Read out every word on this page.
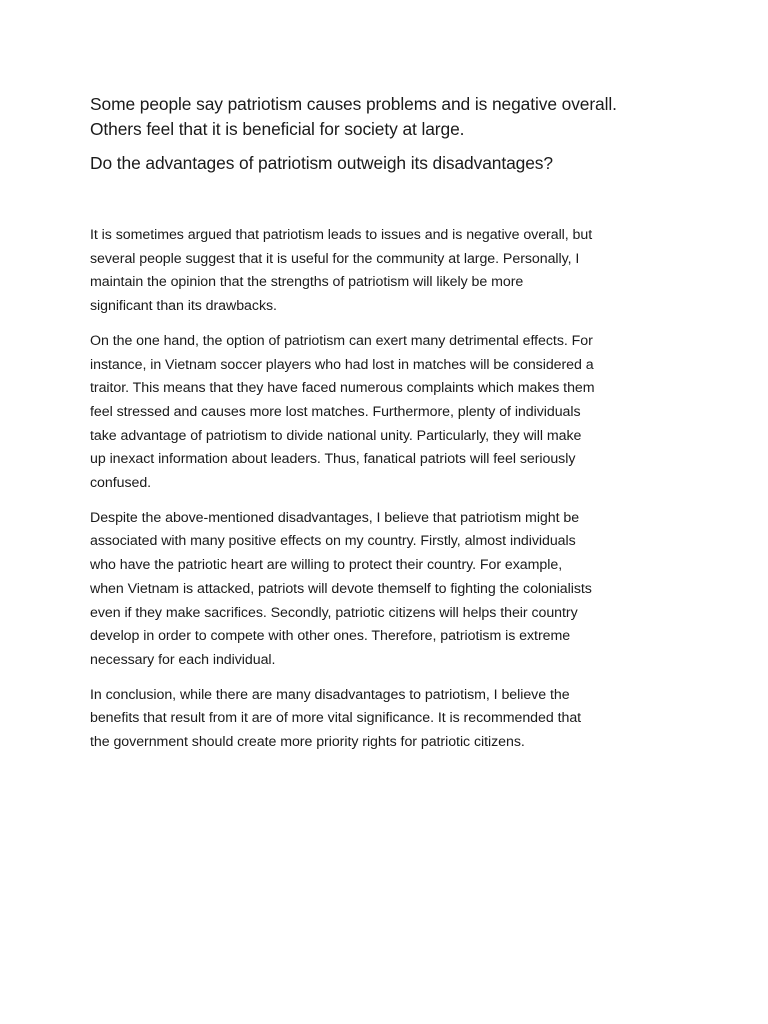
Some people say patriotism causes problems and is negative overall.

Others feel that it is beneficial for society at large.

Do the advantages of patriotism outweigh its disadvantages?

It is sometimes argued that patriotism leads to issues and is negative overall, but
several people suggest that it is useful for the community at large. Personally, I
maintain the opinion that the strengths of patriotism will likely be more
significant than its drawbacks.
On the one hand, the option of patriotism can exert many detrimental effects. For
instance, in Vietnam soccer players who had lost in matches will be considered a
traitor. This means that they have faced numerous complaints which makes them
feel stressed and causes more lost matches. Furthermore, plenty of individuals
take advantage of patriotism to divide national unity. Particularly, they will make
up inexact information about leaders. Thus, fanatical patriots will feel seriously
confused.
Despite the above-mentioned disadvantages, I believe that patriotism might be
associated with many positive effects on my country. Firstly, almost individuals
who have the patriotic heart are willing to protect their country. For example,
when Vietnam is attacked, patriots will devote themself to fighting the colonialists
even if they make sacrifices. Secondly, patriotic citizens will helps their country
develop in order to compete with other ones. Therefore, patriotism is extreme
necessary for each individual.
In conclusion, while there are many disadvantages to patriotism, I believe the
benefits that result from it are of more vital significance. It is recommended that
the government should create more priority rights for patriotic citizens.
